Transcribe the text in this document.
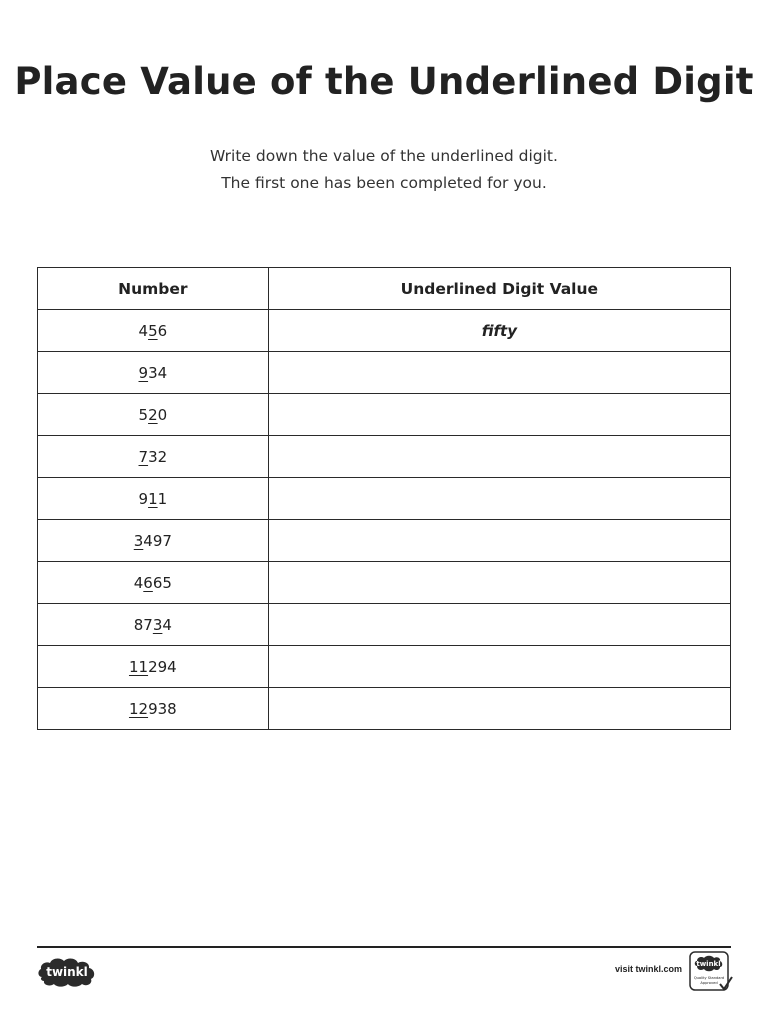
Place Value of the Underlined Digit
Write down the value of the underlined digit.
The first one has been completed for you.
Number	Underlined Digit Value
456	fifty
934	
520	
732	
911	
3497	
4665	
8734	
11294	
12938	
twinkl	visit twinkl.com twinkl
Quality Standard
Approved
